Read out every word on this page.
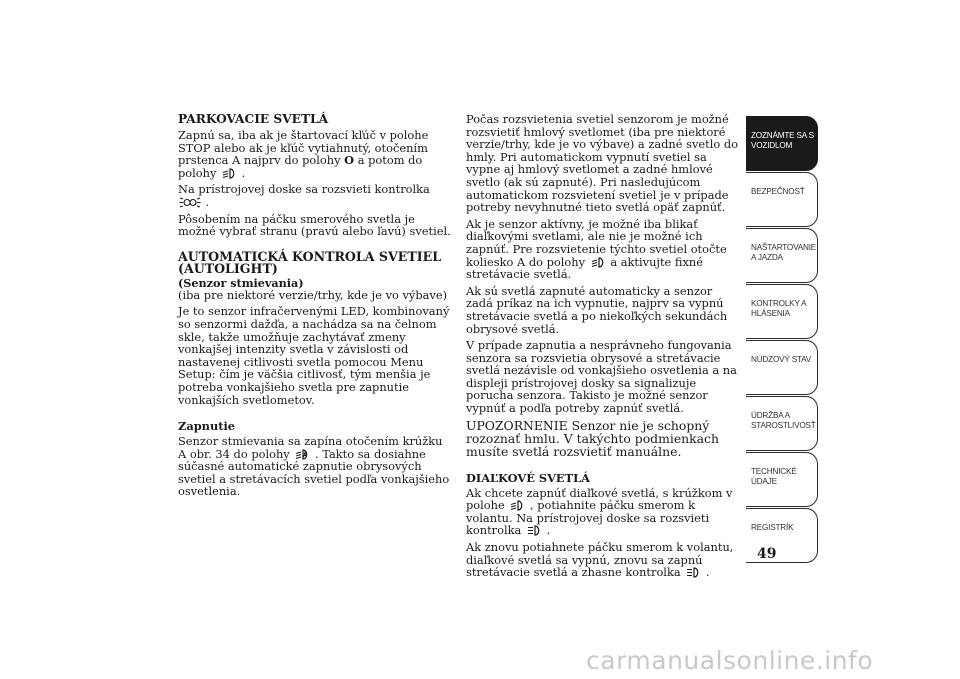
PARKOVACIE SVETLÁ

Zapnú sa, iba ak je štartovací kľúč v polohe STOP alebo ak je kľúč vytiahnutý, otočením prstenca A najprv do polohy O a potom do polohy .

Na prístrojovej doske sa rozsvieti kontrolka
.

Pôsobením na páčku smerového svetla je možné vybrať stranu (pravú alebo ľavú) svetiel.

AUTOMATICKÁ KONTROLA SVETIEL (AUTOLIGHT)
(Senzor stmievania)

(iba pre niektoré verzie/trhy, kde je vo výbave)

Je to senzor infračervenými LED, kombinovaný so senzormi dažďa, a nachádza sa na čelnom skle, takže umožňuje zachytávať zmeny vonkajšej intenzity svetla v závislosti od nastavenej citlivosti svetla pomocou Menu Setup: čím je väčšia citlivosť, tým menšia je potreba vonkajšieho svetla pre zapnutie vonkajších svetlometov.

Zapnutie

Senzor stmievania sa zapína otočením krúžku A obr. 34 do polohy . Takto sa dosiahne súčasné automatické zapnutie obrysových svetiel a stretávacích svetiel podľa vonkajšieho osvetlenia.

Počas rozsvietenia svetiel senzorom je možné rozsvietiť hmlový svetlomet (iba pre niektoré verzie/trhy, kde je vo výbave) a zadné svetlo do hmly. Pri automatickom vypnutí svetiel sa vypne aj hmlový svetlomet a zadné hmlové svetlo (ak sú zapnuté). Pri nasledujúcom automatickom rozsvietení svetiel je v prípade potreby nevyhnutné tieto svetlá opäť zapnúť.

Ak je senzor aktívny, je možné iba blikať diaľkovými svetlami, ale nie je možné ich zapnúť. Pre rozsvietenie týchto svetiel otočte koliesko A do polohy a aktivujte fixné stretávacie svetlá.

Ak sú svetlá zapnuté automaticky a senzor zadá príkaz na ich vypnutie, najprv sa vypnú stretávacie svetlá a po niekoľkých sekundách obrysové svetlá.

V prípade zapnutia a nesprávneho fungovania senzora sa rozsvietia obrysové a stretávacie svetlá nezávisle od vonkajšieho osvetlenia a na displeji prístrojovej dosky sa signalizuje porucha senzora. Takisto je možné senzor vypnúť a podľa potreby zapnúť svetlá.

UPOZORNENIE Senzor nie je schopný rozoznať hmlu. V takýchto podmienkach musíte svetlá rozsvietiť manuálne.

DIAĽKOVÉ SVETLÁ

Ak chcete zapnúť diaľkové svetlá, s krúžkom v polohe , potiahnite páčku smerom k volantu. Na prístrojovej doske sa rozsvieti kontrolka .

Ak znovu potiahnete páčku smerom k volantu, diaľkové svetlá sa vypnú, znovu sa zapnú stretávacie svetlá a zhasne kontrolka .

ZOZNÁMTE SA S
VOZIDLOM
BEZPEČNOSŤ
NAŠTARTOVANIE
A JAZDA
KONTROLKY A
HLÁSENIA
NÚDZOVÝ STAV
ÚDRŽBA A
STAROSTLIVOSŤ
TECHNICKÉ
ÚDAJE
REGISTRÍK
49
carmanualsonline.info
